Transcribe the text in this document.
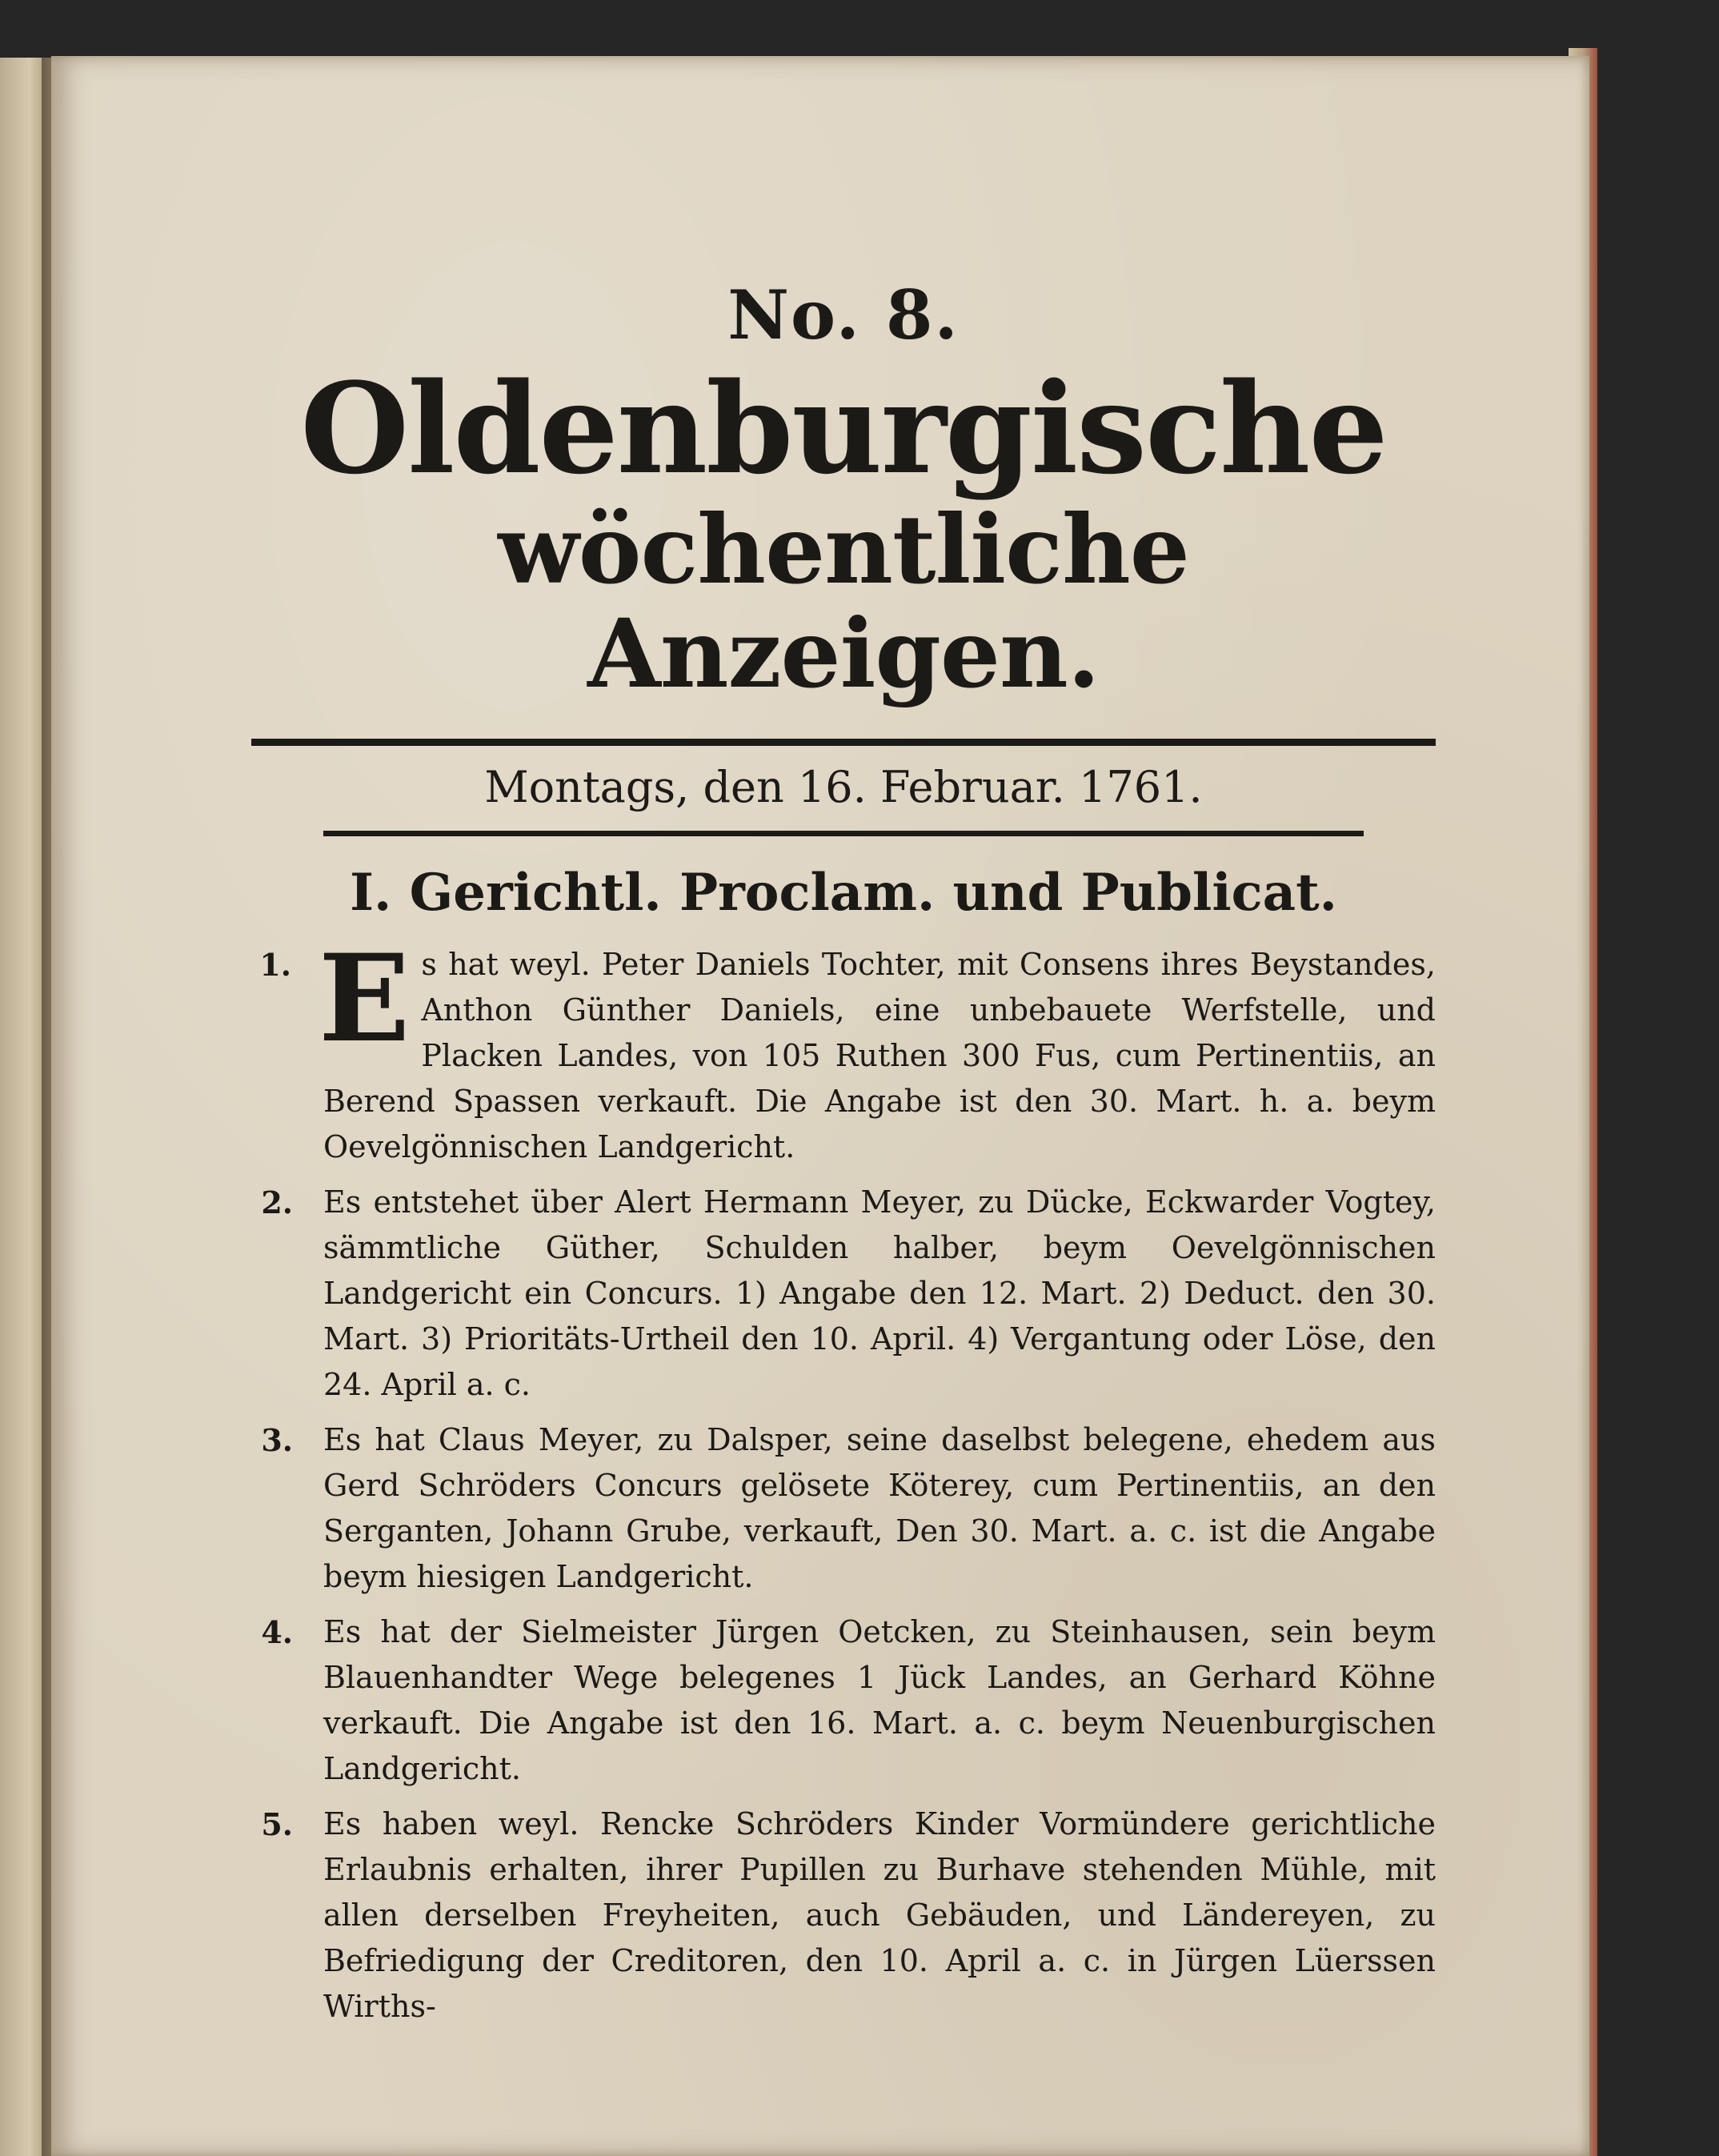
No. 8.
Oldenburgische
wöchentliche Anzeigen.
Montags, den 16. Februar. 1761.
I. Gerichtl. Proclam. und Publicat.
1. Es hat weyl. Peter Daniels Tochter, mit Consens ihres Beystandes, Anthon Günther Daniels, eine unbebauete Werfstelle, und Placken Landes, von 105 Ruthen 300 Fus, cum Pertinentiis, an Berend Spassen verkauft. Die Angabe ist den 30. Mart. h. a. beym Oevelgönnischen Landgericht.
2. Es entstehet über Alert Hermann Meyer, zu Dücke, Eckwarder Vogtey, sämmtliche Güther, Schulden halber, beym Oevelgönnischen Landgericht ein Concurs. 1) Angabe den 12. Mart. 2) Deduct. den 30. Mart. 3) Prioritäts-Urtheil den 10. April. 4) Vergantung oder Löse, den 24. April a. c.
3. Es hat Claus Meyer, zu Dalsper, seine daselbst belegene, ehedem aus Gerd Schröders Concurs gelösete Köterey, cum Pertinentiis, an den Serganten, Johann Grube, verkauft, Den 30. Mart. a. c. ist die Angabe beym hiesigen Landgericht.
4. Es hat der Sielmeister Jürgen Oetcken, zu Steinhausen, sein beym Blauenhandter Wege belegenes 1 Jück Landes, an Gerhard Köhne verkauft. Die Angabe ist den 16. Mart. a. c. beym Neuenburgischen Landgericht.
5. Es haben weyl. Rencke Schröders Kinder Vormündere gerichtliche Erlaubnis erhalten, ihrer Pupillen zu Burhave stehenden Mühle, mit allen derselben Freyheiten, auch Gebäuden, und Ländereyen, zu Befriedigung der Creditoren, den 10. April a. c. in Jürgen Lüerssen Wirths-
